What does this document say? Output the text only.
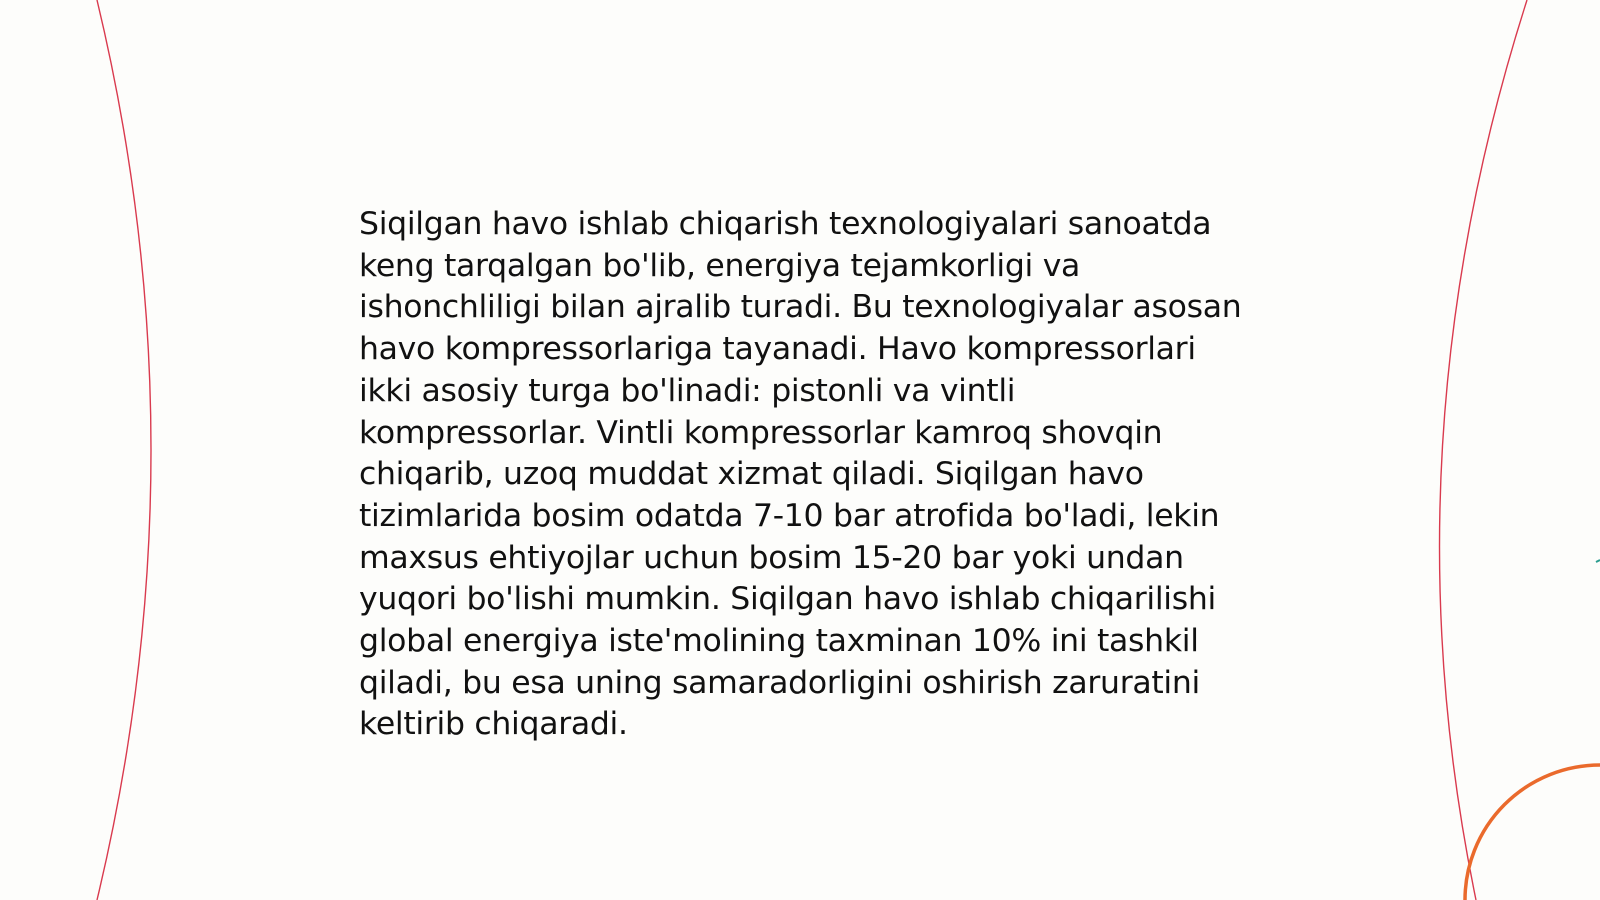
Siqilgan havo ishlab chiqarish texnologiyalari sanoatda keng tarqalgan bo'lib, energiya tejamkorligi va ishonchliligi bilan ajralib turadi. Bu texnologiyalar asosan havo kompressorlariga tayanadi. Havo kompressorlari ikki asosiy turga bo'linadi: pistonli va vintli kompressorlar. Vintli kompressorlar kamroq shovqin chiqarib, uzoq muddat xizmat qiladi. Siqilgan havo tizimlarida bosim odatda 7-10 bar atrofida bo'ladi, lekin maxsus ehtiyojlar uchun bosim 15-20 bar yoki undan yuqori bo'lishi mumkin. Siqilgan havo ishlab chiqarilishi global energiya iste'molining taxminan 10% ini tashkil qiladi, bu esa uning samaradorligini oshirish zaruratini keltirib chiqaradi.
